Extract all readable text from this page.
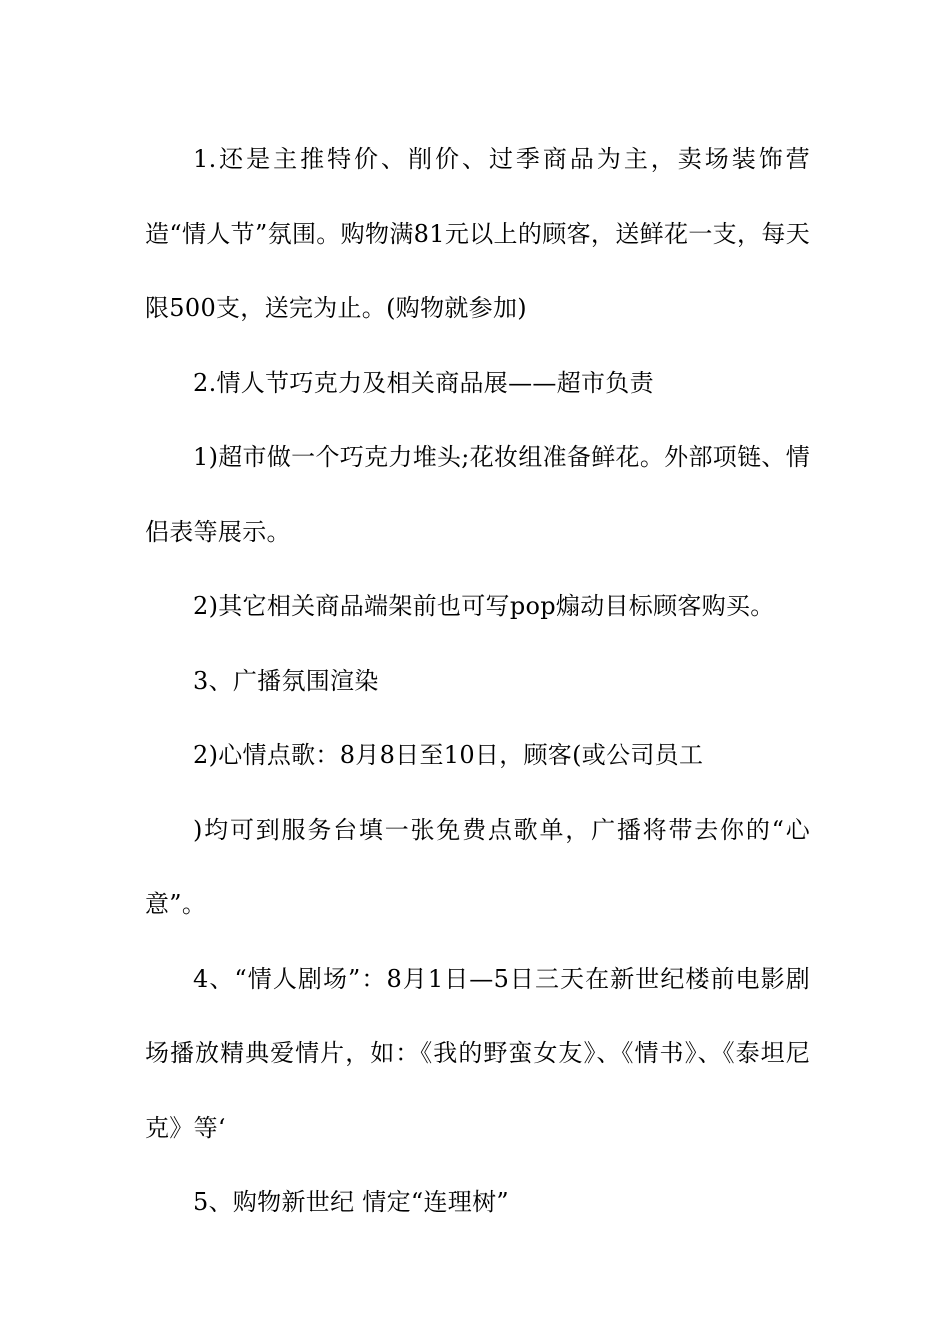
1.还是主推特价、削价、过季商品为主，卖场装饰营造“情人节”氛围。购物满81元以上的顾客，送鲜花一支，每天限500支，送完为止。(购物就参加)

2.情人节巧克力及相关商品展——超市负责

1)超市做一个巧克力堆头;花妆组准备鲜花。外部项链、情侣表等展示。

2)其它相关商品端架前也可写pop煽动目标顾客购买。

3、广播氛围渲染

2)心情点歌：8月8日至10日，顾客(或公司员工

)均可到服务台填一张免费点歌单，广播将带去你的“心意”。

4、“情人剧场”：8月1日—5日三天在新世纪楼前电影剧场播放精典爱情片，如：《我的野蛮女友》、《情书》、《泰坦尼克》等‘

5、购物新世纪 情定“连理树”
